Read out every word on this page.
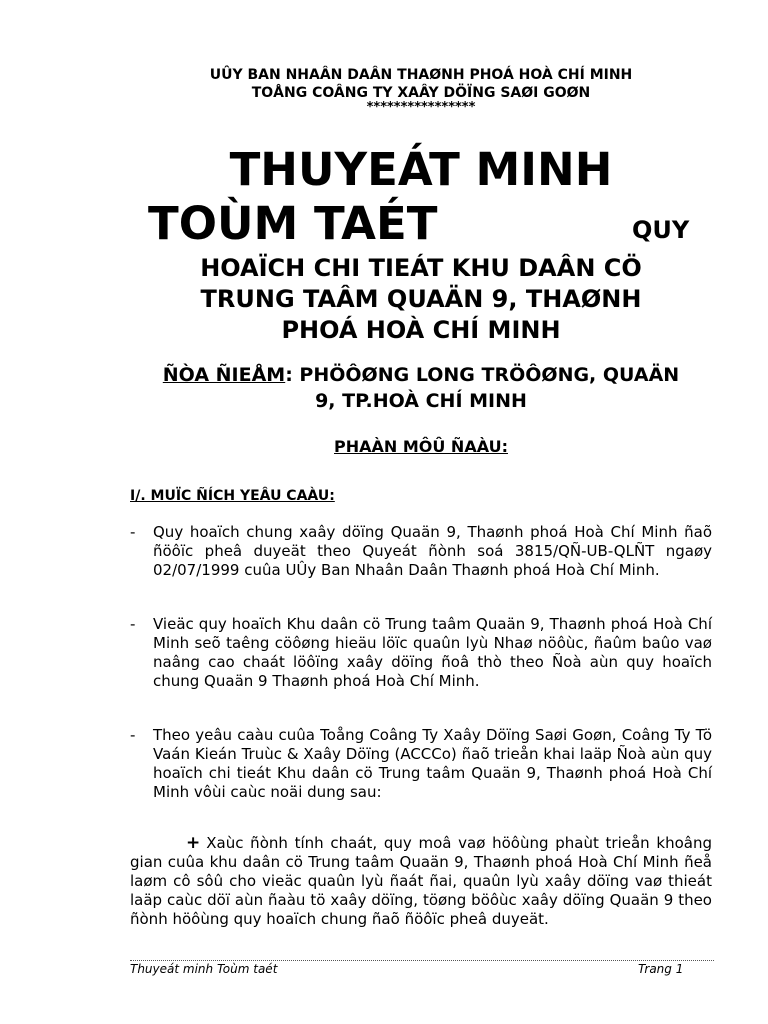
UÛY BAN NHAÂN DAÂN THAØNH PHOÁ HOÀ CHÍ MINH
TOÅNG COÂNG TY XAÂY DÖÏNG SAØI GOØN
****************
THUYEÁT MINH
TOÙM TAÉT	QUY
HOAÏCH CHI TIEÁT KHU DAÂN CÖ
TRUNG TAÂM QUAÄN 9, THAØNH
PHOÁ HOÀ CHÍ MINH
ÑÒA ÑIEÅM: PHÖÔØNG LONG TRÖÔØNG, QUAÄN
9, TP.HOÀ CHÍ MINH
PHAÀN MÔÛ ÑAÀU:
I/. MUÏC ÑÍCH YEÂU CAÀU:
- Quy hoaïch chung xaây döïng Quaän 9, Thaønh phoá Hoà Chí Minh ñaõ ñöôïc pheâ duyeät theo Quyeát ñònh soá 3815/QÑ-UB-QLÑT ngaøy 02/07/1999 cuûa UÛy Ban Nhaân Daân Thaønh phoá Hoà Chí Minh.
- Vieäc quy hoaïch Khu daân cö Trung taâm Quaän 9, Thaønh phoá Hoà Chí Minh seõ taêng cöôøng hieäu löïc quaûn lyù Nhaø nöôùc, ñaûm baûo vaø naâng cao chaát löôïng xaây döïng ñoâ thò theo Ñoà aùn quy hoaïch chung Quaän 9 Thaønh phoá Hoà Chí Minh.
- Theo yeâu caàu cuûa Toång Coâng Ty Xaây Döïng Saøi Goøn, Coâng Ty Tö Vaán Kieán Truùc & Xaây Döïng (ACCCo) ñaõ trieån khai laäp Ñoà aùn quy hoaïch chi tieát Khu daân cö Trung taâm Quaän 9, Thaønh phoá Hoà Chí Minh vôùi caùc noäi dung sau:
+ Xaùc ñònh tính chaát, quy moâ vaø höôùng phaùt trieån khoâng gian cuûa khu daân cö Trung taâm Quaän 9, Thaønh phoá Hoà Chí Minh ñeå laøm cô sôû cho vieäc quaûn lyù ñaát ñai, quaûn lyù xaây döïng vaø thieát laäp caùc döï aùn ñaàu tö xaây döïng, töøng böôùc xaây döïng Quaän 9 theo ñònh höôùng quy hoaïch chung ñaõ ñöôïc pheâ duyeät.
Thuyeát minh Toùm taét	Trang 1
